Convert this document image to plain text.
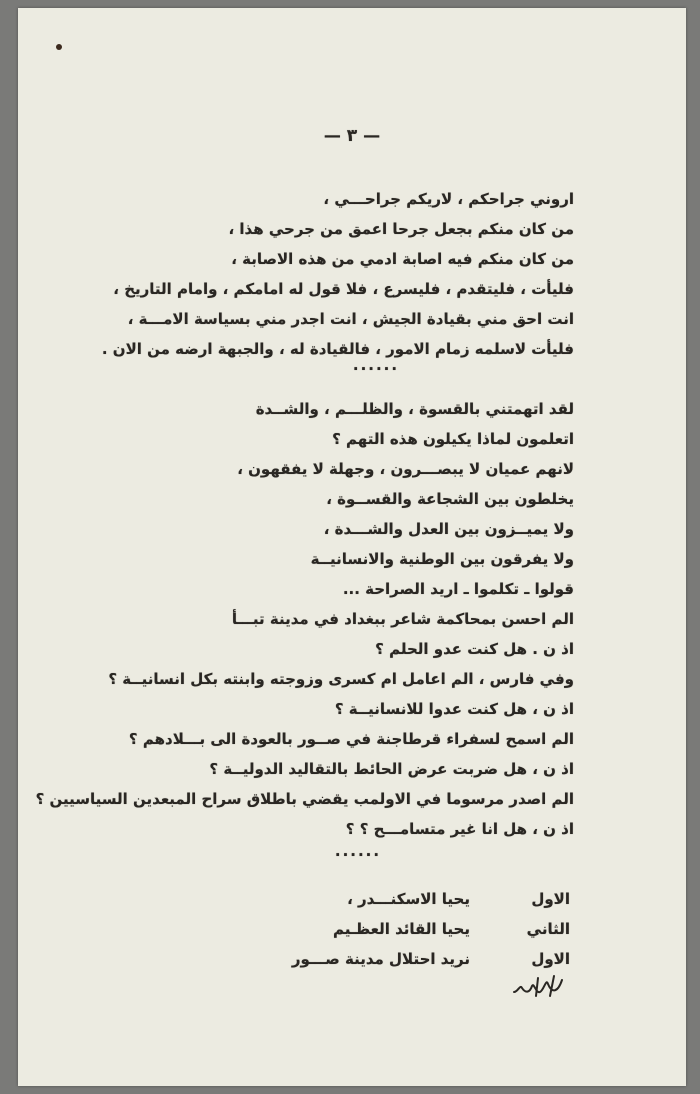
— ٣ —
اروني جراحكم ، لاريكم جراحـــي ،
من كان منكم بجعل جرحا اعمق من جرحي هذا ،
من كان منكم فيه اصابة ادمي من هذه الاصابة ،
فليأت ، فليتقدم ، فليسرع ، فلا قول له امامكم ، وامام التاريخ ،
انت احق مني بقيادة الجيش ، انت اجدر مني بسياسة الامـــة ،
فليأت لاسلمه زمام الامور ، فالقيادة له ، والجبهة ارضه من الان .
......
لقد اتهمتني بالقسوة ، والظلـــم ، والشــدة
اتعلمون لماذا يكيلون هذه التهم ؟
لانهم عميان لا يبصـــرون ، وجهلة لا يفقهون ،
يخلطون بين الشجاعة والقســوة ،
ولا يميــزون بين العدل والشـــدة ،
ولا يفرقون بين الوطنية والانسانيــة
قولوا ـ تكلموا ـ اريد الصراحة ...
الم احسن بمحاكمة شاعر ببغداد في مدينة تبـــأ
اذ ن . هل كنت عدو الحلم ؟
وفي فارس ، الم اعامل ام كسرى وزوجته وابنته بكل انسانيــة ؟
اذ ن ، هل كنت عدوا للانسانيــة ؟
الم اسمح لسفراء قرطاجنة في صــور بالعودة الى بـــلادهم ؟
اذ ن ، هل ضربت عرض الحائط بالتقاليد الدوليــة ؟
الم اصدر مرسوما في الاولمب يقضي باطلاق سراح المبعدين السياسيين ؟
اذ ن ، هل انا غير متسامـــح ؟ ؟
......
الاول
يحيا الاسكنـــدر ،
الثاني
يحيا القائد العظـيم
الاول
نريد احتلال مدينة صـــور
